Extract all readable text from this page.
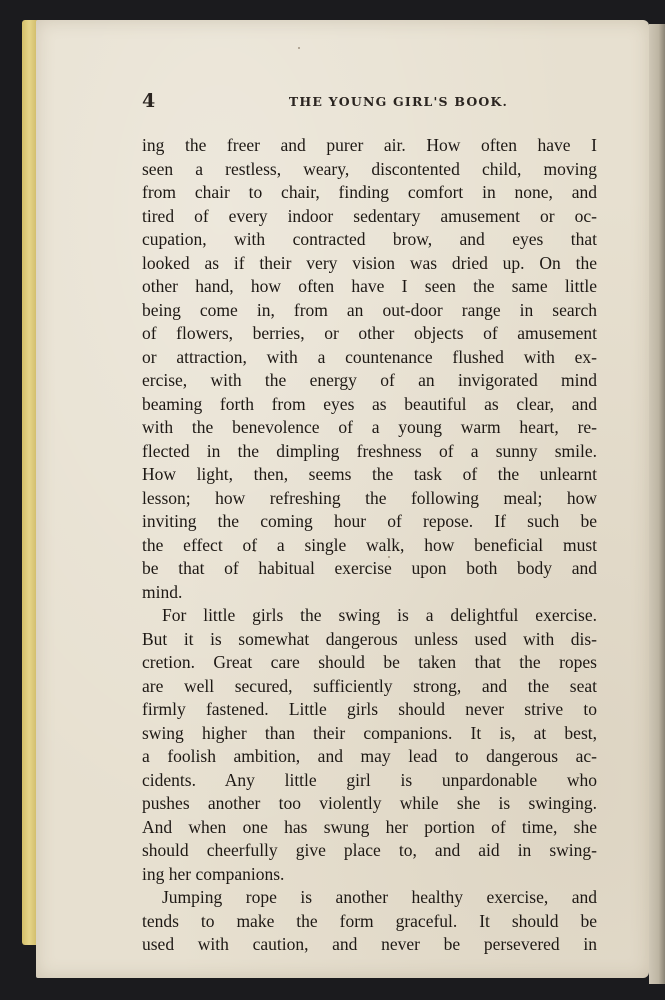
4	THE YOUNG GIRL'S BOOK.
ing the freer and purer air. How often have I
seen a restless, weary, discontented child, moving
from chair to chair, finding comfort in none, and
tired of every indoor sedentary amusement or oc-
cupation, with contracted brow, and eyes that
looked as if their very vision was dried up. On the
other hand, how often have I seen the same little
being come in, from an out-door range in search
of flowers, berries, or other objects of amusement
or attraction, with a countenance flushed with ex-
ercise, with the energy of an invigorated mind
beaming forth from eyes as beautiful as clear, and
with the benevolence of a young warm heart, re-
flected in the dimpling freshness of a sunny smile.
How light, then, seems the task of the unlearnt
lesson; how refreshing the following meal; how
inviting the coming hour of repose. If such be
the effect of a single walk, how beneficial must
be that of habitual exercise upon both body and
mind.
For little girls the swing is a delightful exercise.
But it is somewhat dangerous unless used with dis-
cretion. Great care should be taken that the ropes
are well secured, sufficiently strong, and the seat
firmly fastened. Little girls should never strive to
swing higher than their companions. It is, at best,
a foolish ambition, and may lead to dangerous ac-
cidents. Any little girl is unpardonable who
pushes another too violently while she is swinging.
And when one has swung her portion of time, she
should cheerfully give place to, and aid in swing-
ing her companions.
Jumping rope is another healthy exercise, and
tends to make the form graceful. It should be
used with caution, and never be persevered in
